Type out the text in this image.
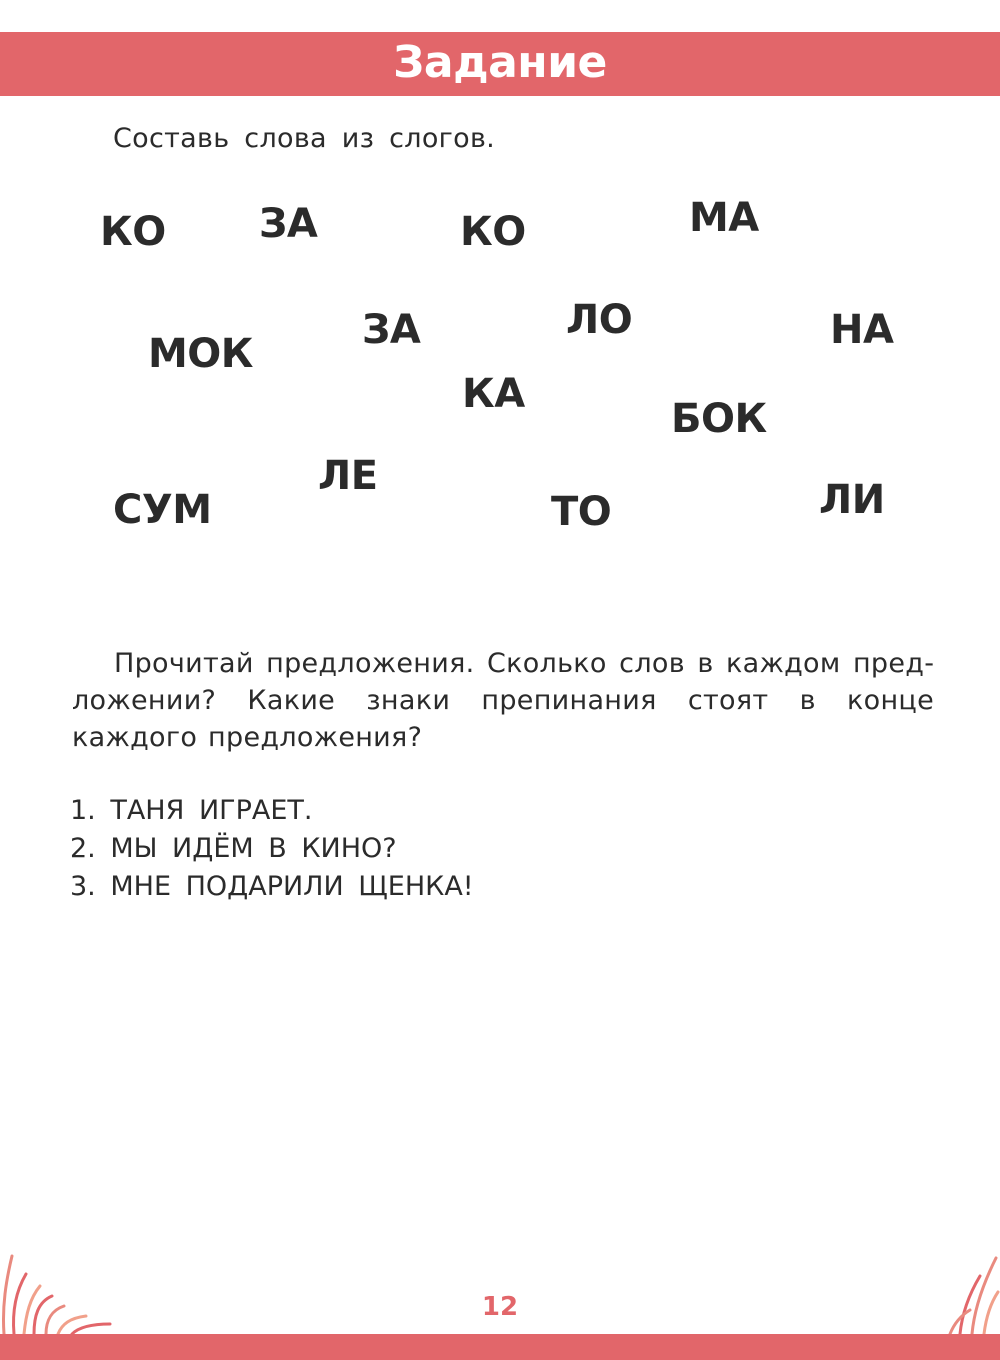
Задание
Составь слова из слогов.
КО ЗА	КО	МА
МОК
ЗА	ЛО	НА
КА
БОК
СУМ
ЛЕ
ТО	ЛИ
Прочитай предложения. Сколько слов в каждом предложении? Какие знаки препинания стоят в конце каждого предложения?
1. ТАНЯ ИГРАЕТ.
2. МЫ ИДЁМ В КИНО?
3. МНЕ ПОДАРИЛИ ЩЕНКА!
12
